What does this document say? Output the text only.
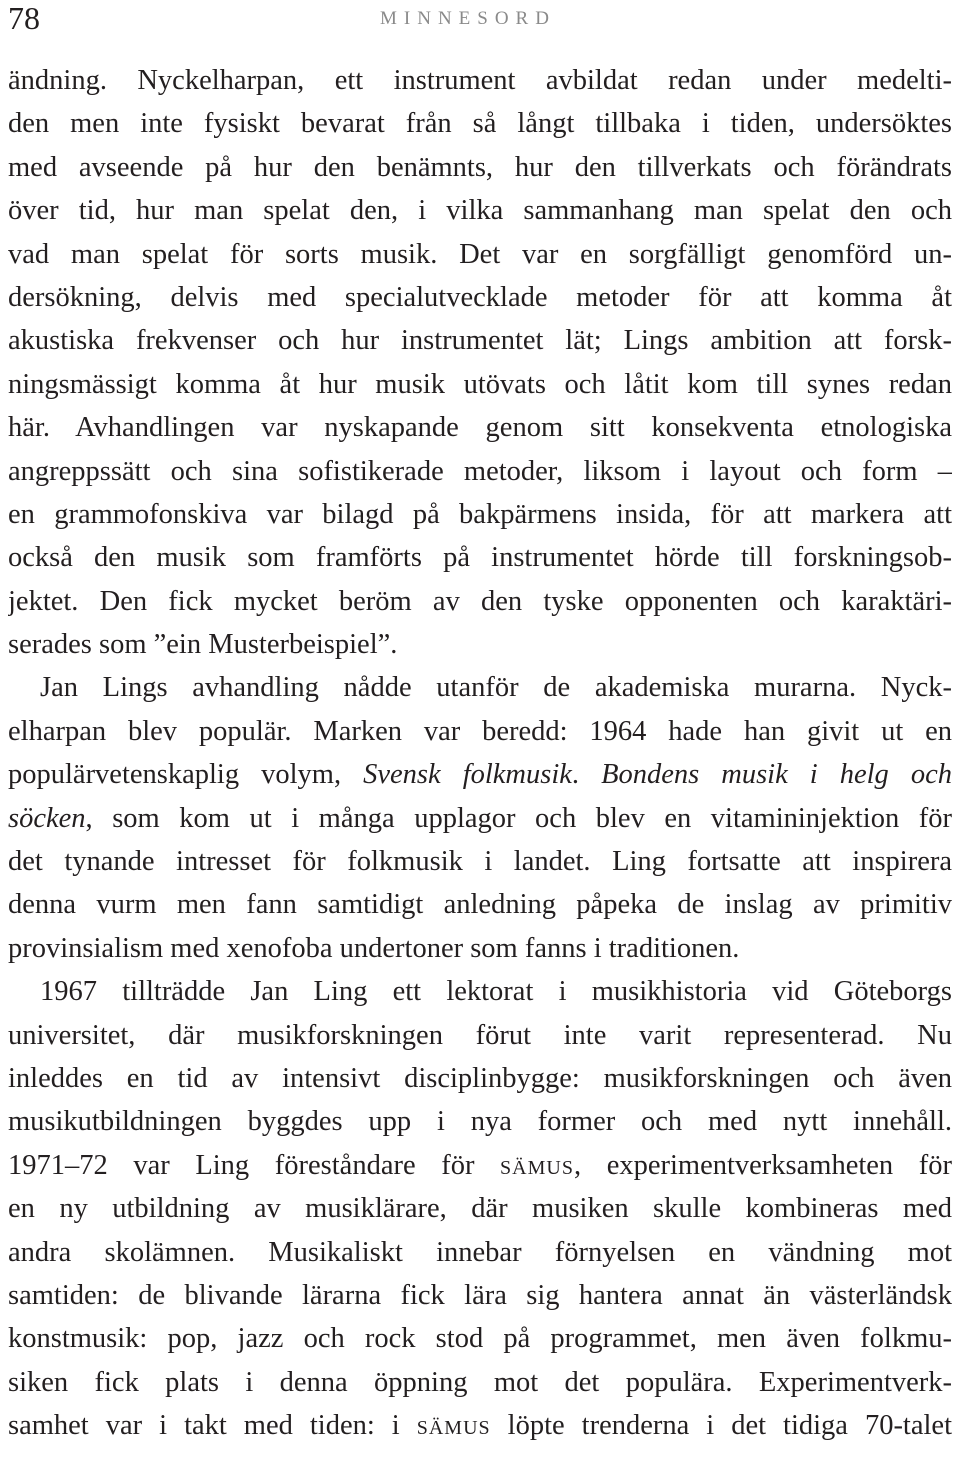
78	MINNESORD
ändning. Nyckelharpan, ett instrument avbildat redan under medelti-
den men inte fysiskt bevarat från så långt tillbaka i tiden, undersöktes
med avseende på hur den benämnts, hur den tillverkats och förändrats
över tid, hur man spelat den, i vilka sammanhang man spelat den och
vad man spelat för sorts musik. Det var en sorgfälligt genomförd un-
dersökning, delvis med specialutvecklade metoder för att komma åt
akustiska frekvenser och hur instrumentet lät; Lings ambition att forsk-
ningsmässigt komma åt hur musik utövats och låtit kom till synes redan
här. Avhandlingen var nyskapande genom sitt konsekventa etnologiska
angreppssätt och sina sofistikerade metoder, liksom i layout och form –
en grammofonskiva var bilagd på bakpärmens insida, för att markera att
också den musik som framförts på instrumentet hörde till forskningsob-
jektet. Den fick mycket beröm av den tyske opponenten och karaktäri-
serades som ”ein Musterbeispiel”.
Jan Lings avhandling nådde utanför de akademiska murarna. Nyck-
elharpan blev populär. Marken var beredd: 1964 hade han givit ut en
populärvetenskaplig volym, Svensk folkmusik. Bondens musik i helg och
söcken, som kom ut i många upplagor och blev en vitamininjektion för
det tynande intresset för folkmusik i landet. Ling fortsatte att inspirera
denna vurm men fann samtidigt anledning påpeka de inslag av primitiv
provinsialism med xenofoba undertoner som fanns i traditionen.
1967 tillträdde Jan Ling ett lektorat i musikhistoria vid Göteborgs
universitet, där musikforskningen förut inte varit representerad. Nu
inleddes en tid av intensivt disciplinbygge: musikforskningen och även
musikutbildningen byggdes upp i nya former och med nytt innehåll.
1971–72 var Ling föreståndare för sämus, experimentverksamheten för
en ny utbildning av musiklärare, där musiken skulle kombineras med
andra skolämnen. Musikaliskt innebar förnyelsen en vändning mot
samtiden: de blivande lärarna fick lära sig hantera annat än västerländsk
konstmusik: pop, jazz och rock stod på programmet, men även folkmu-
siken fick plats i denna öppning mot det populära. Experimentverk-
samhet var i takt med tiden: i sämus löpte trenderna i det tidiga 70-talet
